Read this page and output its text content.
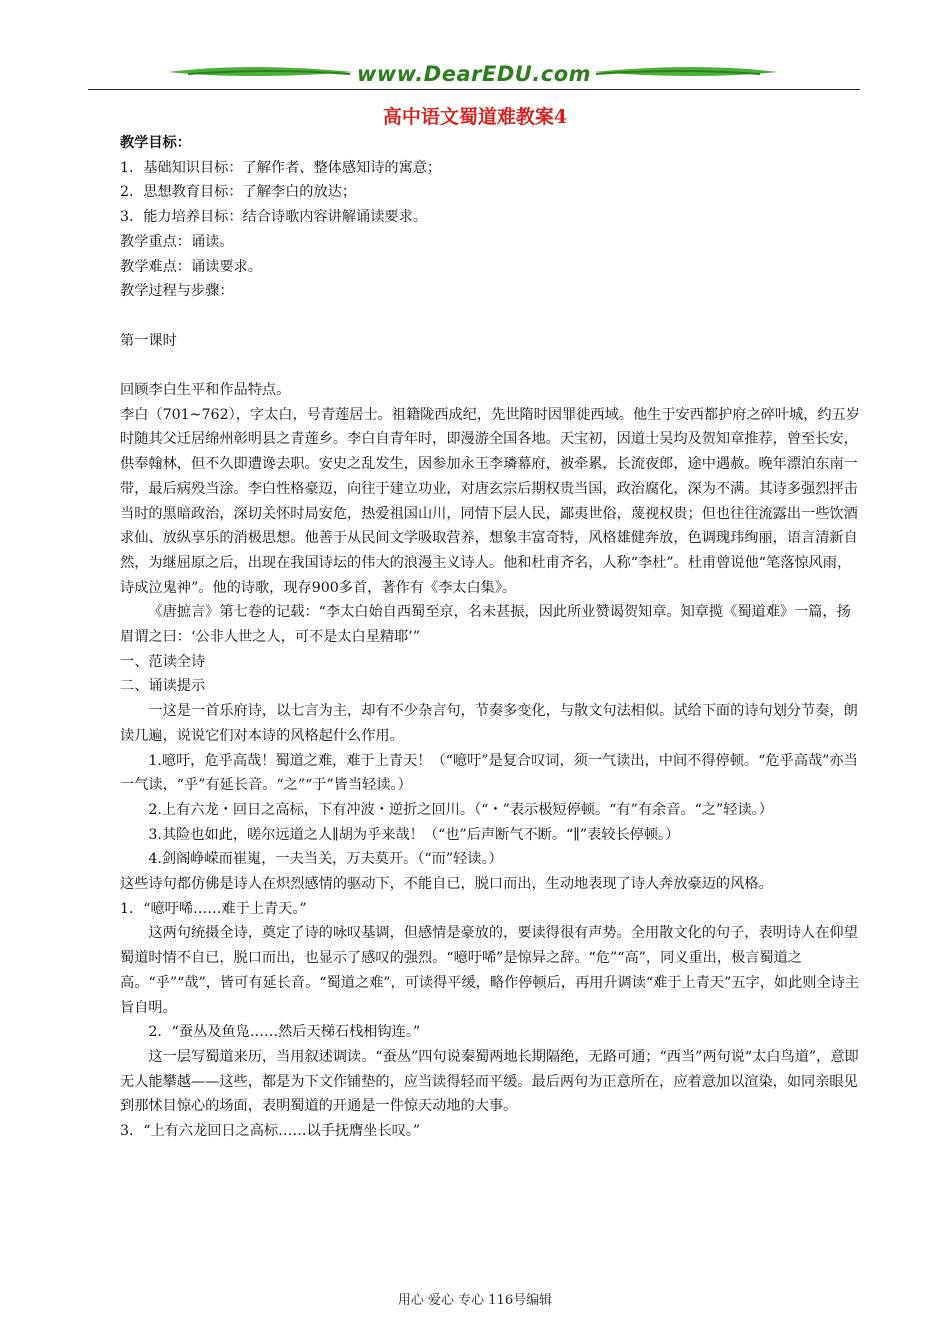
www.DearEDU.com
高中语文蜀道难教案4

教学目标：

1．基础知识目标：了解作者、整体感知诗的寓意；

2．思想教育目标：了解李白的放达；

3．能力培养目标：结合诗歌内容讲解诵读要求。

教学重点：诵读。

教学难点：诵读要求。

教学过程与步骤：

第一课时

回顾李白生平和作品特点。

李白（701~762），字太白，号青莲居士。祖籍陇西成纪，先世隋时因罪徙西域。他生于安西都护府之碎叶城，约五岁时随其父迁居绵州彰明县之青莲乡。李白自青年时，即漫游全国各地。天宝初，因道士吴均及贺知章推荐，曾至长安，供奉翰林，但不久即遭谗去职。安史之乱发生，因参加永王李璘幕府，被牵累，长流夜郎，途中遇赦。晚年漂泊东南一带，最后病殁当涂。李白性格豪迈，向往于建立功业，对唐玄宗后期权贵当国，政治腐化，深为不满。其诗多强烈抨击当时的黑暗政治，深切关怀时局安危，热爱祖国山川，同情下层人民，鄙夷世俗，蔑视权贵；但也往往流露出一些饮酒求仙、放纵享乐的消极思想。他善于从民间文学吸取营养，想象丰富奇特，风格雄健奔放，色调瑰玮绚丽，语言清新自然，为继屈原之后，出现在我国诗坛的伟大的浪漫主义诗人。他和杜甫齐名，人称“李杜”。杜甫曾说他“笔落惊风雨，诗成泣鬼神”。他的诗歌，现存900多首，著作有《李太白集》。

《唐摭言》第七卷的记载：“李太白始自西蜀至京，名未甚振，因此所业赞谒贺知章。知章揽《蜀道难》一篇，扬眉谓之曰：‘公非人世之人，可不是太白星精耶’”

一、范读全诗

二、诵读提示

一这是一首乐府诗，以七言为主，却有不少杂言句，节奏多变化，与散文句法相似。试给下面的诗句划分节奏，朗读几遍，说说它们对本诗的风格起什么作用。

1.噫吁，危乎高哉！蜀道之难，难于上青天！（“噫吁”是复合叹词，须一气读出，中间不得停顿。“危乎高哉”亦当一气读，“乎”有延长音。“之”“于”皆当轻读。）

2.上有六龙・回日之高标，下有冲波・逆折之回川。（“・”表示极短停顿。“有”有余音。“之”轻读。）

3.其险也如此，嗟尔远道之人∥胡为乎来哉！（“也”后声断气不断。“∥”表较长停顿。）

4.剑阁峥嵘而崔嵬，一夫当关，万夫莫开。（“而”轻读。）

这些诗句都仿佛是诗人在炽烈感情的驱动下，不能自已，脱口而出，生动地表现了诗人奔放豪迈的风格。

1．“噫吁唏……难于上青天。”

这两句统摄全诗，奠定了诗的咏叹基调，但感情是豪放的，要读得很有声势。全用散文化的句子，表明诗人在仰望蜀道时情不自已，脱口而出，也显示了感叹的强烈。“噫吁唏”是惊异之辞。“危”“高”，同义重出，极言蜀道之高。“乎”“哉”，皆可有延长音。“蜀道之难”，可读得平缓，略作停顿后，再用升调读“难于上青天”五字，如此则全诗主旨自明。

2．“蚕丛及鱼凫……然后天梯石栈相钩连。”

这一层写蜀道来历，当用叙述调读。“蚕丛”四句说秦蜀两地长期隔绝，无路可通；“西当”两句说“太白鸟道”，意即无人能攀越——这些，都是为下文作铺垫的，应当读得轻而平缓。最后两句为正意所在，应着意加以渲染，如同亲眼见到那怵目惊心的场面，表明蜀道的开通是一件惊天动地的大事。

3．“上有六龙回日之高标……以手抚膺坐长叹。”

用心 爱心 专心 116号编辑
